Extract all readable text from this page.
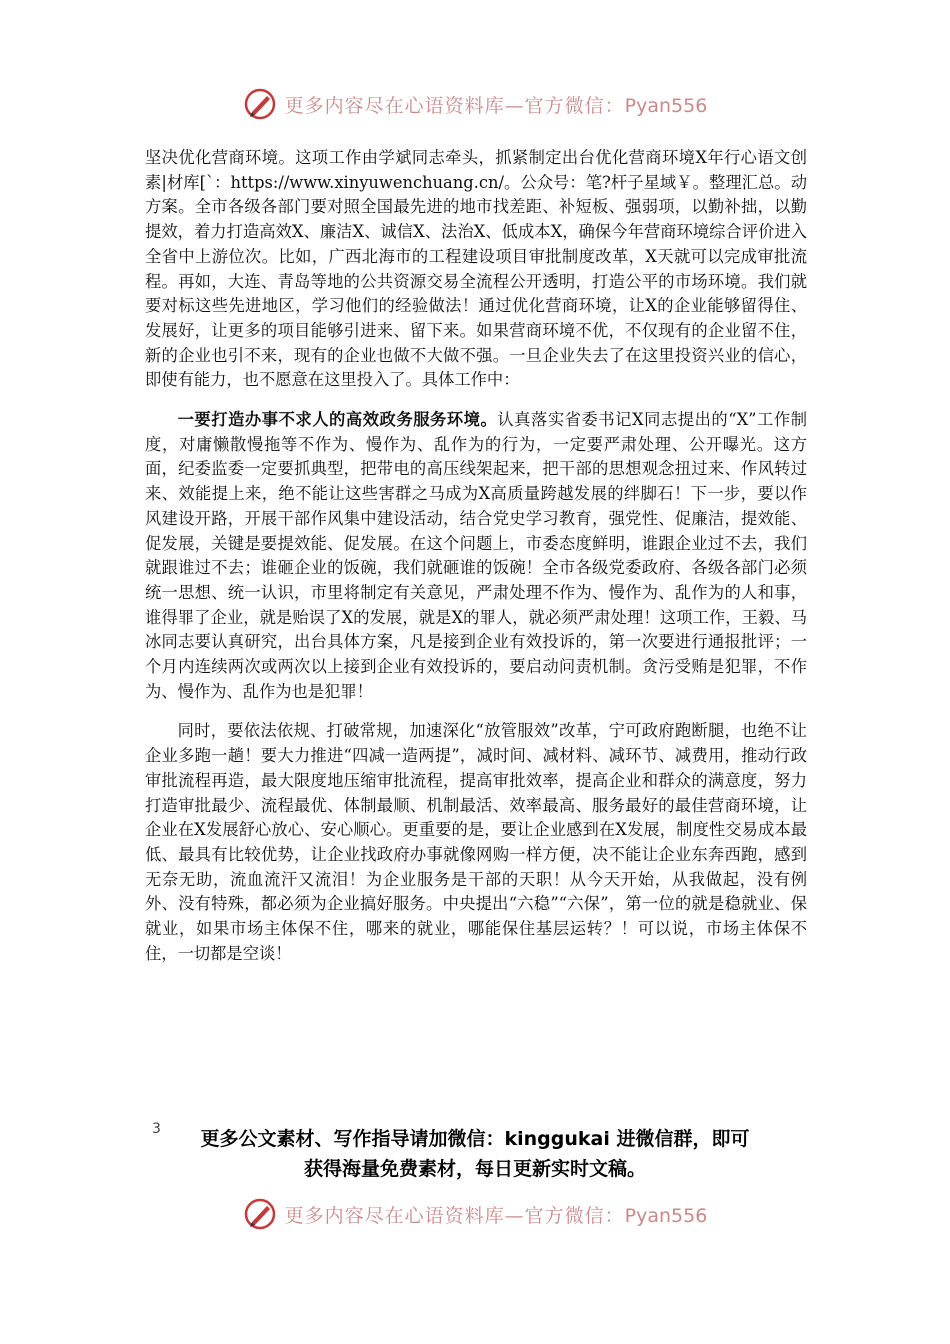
更多内容尽在心语资料库—官方微信：Pyan556

坚决优化营商环境。这项工作由学斌同志牵头，抓紧制定出台优化营商环境X年行心语文创素|材库[`：https://www.xinyuwenchuang.cn/。公众号：笔?杆子星域￥。整理汇总。动方案。全市各级各部门要对照全国最先进的地市找差距、补短板、强弱项，以勤补拙，以勤提效，着力打造高效X、廉洁X、诚信X、法治X、低成本X，确保今年营商环境综合评价进入全省中上游位次。比如，广西北海市的工程建设项目审批制度改革，X天就可以完成审批流程。再如，大连、青岛等地的公共资源交易全流程公开透明，打造公平的市场环境。我们就要对标这些先进地区，学习他们的经验做法！通过优化营商环境，让X的企业能够留得住、发展好，让更多的项目能够引进来、留下来。如果营商环境不优，不仅现有的企业留不住，新的企业也引不来，现有的企业也做不大做不强。一旦企业失去了在这里投资兴业的信心，即使有能力，也不愿意在这里投入了。具体工作中：

一要打造办事不求人的高效政务服务环境。认真落实省委书记X同志提出的“X”工作制度，对庸懒散慢拖等不作为、慢作为、乱作为的行为，一定要严肃处理、公开曝光。这方面，纪委监委一定要抓典型，把带电的高压线架起来，把干部的思想观念扭过来、作风转过来、效能提上来，绝不能让这些害群之马成为X高质量跨越发展的绊脚石！下一步，要以作风建设开路，开展干部作风集中建设活动，结合党史学习教育，强党性、促廉洁，提效能、促发展，关键是要提效能、促发展。在这个问题上，市委态度鲜明，谁跟企业过不去，我们就跟谁过不去；谁砸企业的饭碗，我们就砸谁的饭碗！全市各级党委政府、各级各部门必须统一思想、统一认识，市里将制定有关意见，严肃处理不作为、慢作为、乱作为的人和事，谁得罪了企业，就是贻误了X的发展，就是X的罪人，就必须严肃处理！这项工作，王毅、马冰同志要认真研究，出台具体方案，凡是接到企业有效投诉的，第一次要进行通报批评；一个月内连续两次或两次以上接到企业有效投诉的，要启动问责机制。贪污受贿是犯罪，不作为、慢作为、乱作为也是犯罪！

同时，要依法依规、打破常规，加速深化“放管服效”改革，宁可政府跑断腿，也绝不让企业多跑一趟！要大力推进“四减一造两提”，减时间、减材料、减环节、减费用，推动行政审批流程再造，最大限度地压缩审批流程，提高审批效率，提高企业和群众的满意度，努力打造审批最少、流程最优、体制最顺、机制最活、效率最高、服务最好的最佳营商环境，让企业在X发展舒心放心、安心顺心。更重要的是，要让企业感到在X发展，制度性交易成本最低、最具有比较优势，让企业找政府办事就像网购一样方便，决不能让企业东奔西跑，感到无奈无助，流血流汗又流泪！为企业服务是干部的天职！从今天开始，从我做起，没有例外、没有特殊，都必须为企业搞好服务。中央提出“六稳”“六保”，第一位的就是稳就业、保就业，如果市场主体保不住，哪来的就业，哪能保住基层运转？！可以说，市场主体保不住，一切都是空谈！

3	更多公文素材、写作指导请加微信：kinggukai 进微信群，即可
获得海量免费素材，每日更新实时文稿。
更多内容尽在心语资料库—官方微信：Pyan556
